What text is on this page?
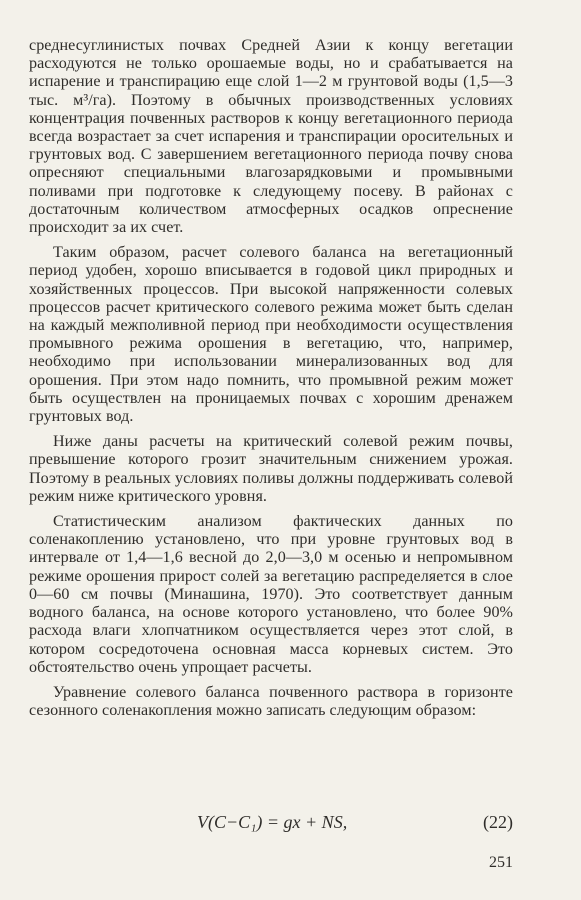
среднесуглинистых почвах Средней Азии к концу вегетации расходуются не только орошаемые воды, но и срабатывается на испарение и транспирацию еще слой 1—2 м грунтовой воды (1,5—3 тыс. м³/га). Поэтому в обычных производственных условиях концентрация почвенных растворов к концу вегетационного периода всегда возрастает за счет испарения и транспирации оросительных и грунтовых вод. С завершением вегетационного периода почву снова опресняют специальными влагозарядковыми и промывными поливами при подготовке к следующему посеву. В районах с достаточным количеством атмосферных осадков опреснение происходит за их счет.

Таким образом, расчет солевого баланса на вегетационный период удобен, хорошо вписывается в годовой цикл природных и хозяйственных процессов. При высокой напряженности солевых процессов расчет критического солевого режима может быть сделан на каждый межполивной период при необходимости осуществления промывного режима орошения в вегетацию, что, например, необходимо при использовании минерализованных вод для орошения. При этом надо помнить, что промывной режим может быть осуществлен на проницаемых почвах с хорошим дренажем грунтовых вод.

Ниже даны расчеты на критический солевой режим почвы, превышение которого грозит значительным снижением урожая. Поэтому в реальных условиях поливы должны поддерживать солевой режим ниже критического уровня.

Статистическим анализом фактических данных по соленакоплению установлено, что при уровне грунтовых вод в интервале от 1,4—1,6 весной до 2,0—3,0 м осенью и непромывном режиме орошения прирост солей за вегетацию распределяется в слое 0—60 см почвы (Минашина, 1970). Это соответствует данным водного баланса, на основе которого установлено, что более 90% расхода влаги хлопчатником осуществляется через этот слой, в котором сосредоточена основная масса корневых систем. Это обстоятельство очень упрощает расчеты.

Уравнение солевого баланса почвенного раствора в горизонте сезонного соленакопления можно записать следующим образом:

V(C−C₁) = gx + NS,	(22)
251
